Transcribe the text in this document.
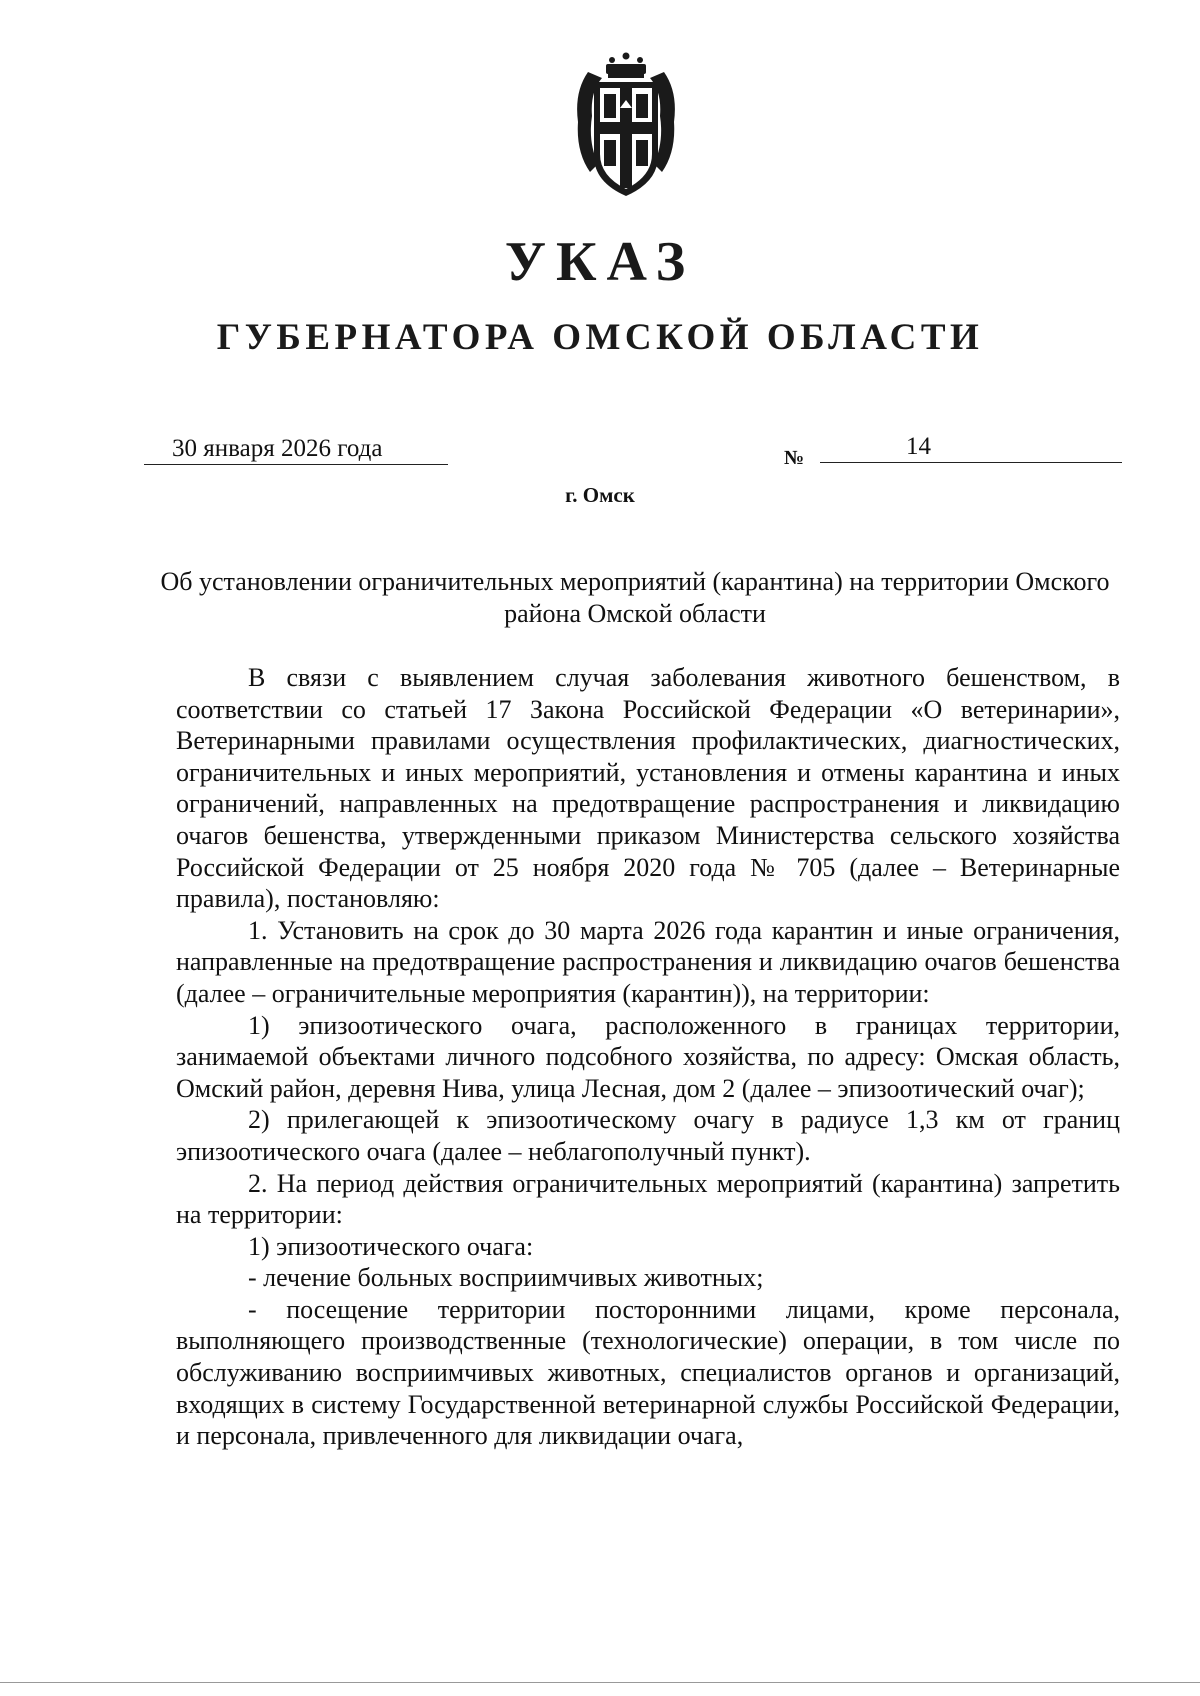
УКАЗ
ГУБЕРНАТОРА ОМСКОЙ ОБЛАСТИ
30 января 2026 года	№	14
г. Омск
Об установлении ограничительных мероприятий (карантина) на территории Омского района Омской области

В связи с выявлением случая заболевания животного бешенством, в соответствии со статьей 17 Закона Российской Федерации «О ветеринарии», Ветеринарными правилами осуществления профилактических, диагностических, ограничительных и иных мероприятий, установления и отмены карантина и иных ограничений, направленных на предотвращение распространения и ликвидацию очагов бешенства, утвержденными приказом Министерства сельского хозяйства Российской Федерации от 25 ноября 2020 года № 705 (далее – Ветеринарные правила), постановляю:

1. Установить на срок до 30 марта 2026 года карантин и иные ограничения, направленные на предотвращение распространения и ликвидацию очагов бешенства (далее – ограничительные мероприятия (карантин)), на территории:

1) эпизоотического очага, расположенного в границах территории, занимаемой объектами личного подсобного хозяйства, по адресу: Омская область, Омский район, деревня Нива, улица Лесная, дом 2 (далее – эпизоотический очаг);

2) прилегающей к эпизоотическому очагу в радиусе 1,3 км от границ эпизоотического очага (далее – неблагополучный пункт).

2. На период действия ограничительных мероприятий (карантина) запретить на территории:

1) эпизоотического очага:

- лечение больных восприимчивых животных;

- посещение территории посторонними лицами, кроме персонала, выполняющего производственные (технологические) операции, в том числе по обслуживанию восприимчивых животных, специалистов органов и организаций, входящих в систему Государственной ветеринарной службы Российской Федерации, и персонала, привлеченного для ликвидации очага,
